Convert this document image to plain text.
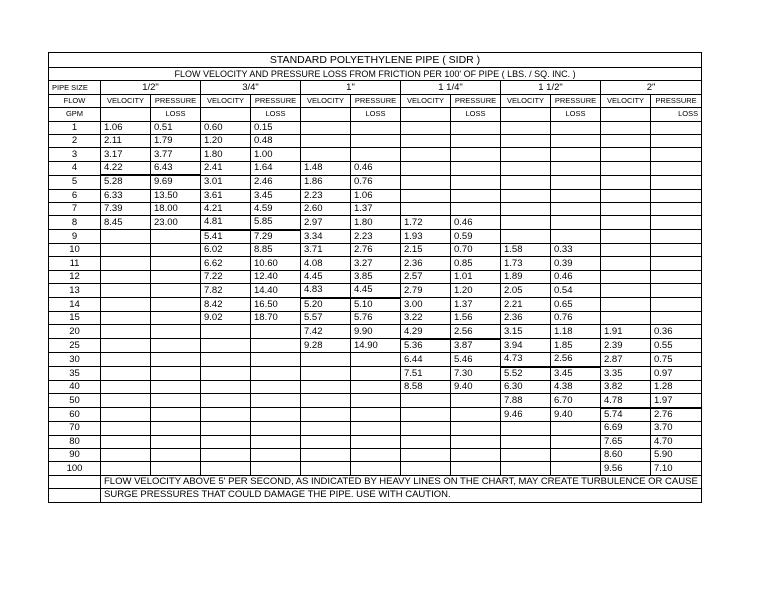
STANDARD POLYETHYLENE PIPE ( SIDR )												
FLOW VELOCITY AND PRESSURE LOSS FROM FRICTION PER 100' OF PIPE ( LBS. / SQ. INC. )												
PIPE SIZE	1/2"		3/4"		1"		1 1/4"		1 1/2"		2"	
FLOW	VELOCITY	PRESSURE	VELOCITY	PRESSURE	VELOCITY	PRESSURE	VELOCITY	PRESSURE	VELOCITY	PRESSURE	VELOCITY	PRESSURE
GPM		LOSS		LOSS		LOSS		LOSS		LOSS		LOSS
1	1.06	0.51	0.60	0.15								
2	2.11	1.79	1.20	0.48								
3	3.17	3.77	1.80	1.00								
4	4.22	6.43	2.41	1.64	1.48	0.46						
5	5.28	9.69	3.01	2.46	1.86	0.76						
6	6.33	13.50	3.61	3.45	2.23	1.06						
7	7.39	18.00	4.21	4.59	2.60	1.37						
8	8.45	23.00	4.81	5.85	2.97	1.80	1.72	0.46				
9			5.41	7.29	3.34	2.23	1.93	0.59				
10			6.02	8.85	3.71	2.76	2.15	0.70	1.58	0.33		
11			6.62	10.60	4.08	3.27	2.36	0.85	1.73	0.39		
12			7.22	12.40	4.45	3.85	2.57	1.01	1.89	0.46		
13			7.82	14.40	4.83	4.45	2.79	1.20	2.05	0.54		
14			8.42	16.50	5.20	5.10	3.00	1.37	2.21	0.65		
15			9.02	18.70	5.57	5.76	3.22	1.56	2.36	0.76		
20					7.42	9.90	4.29	2.56	3.15	1.18	1.91	0.36
25					9.28	14.90	5.36	3.87	3.94	1.85	2.39	0.55
30							6.44	5.46	4.73	2.56	2.87	0.75
35							7.51	7.30	5.52	3.45	3.35	0.97
40							8.58	9.40	6.30	4.38	3.82	1.28
50									7.88	6.70	4.78	1.97
60									9.46	9.40	5.74	2.76
70											6.69	3.70
80											7.65	4.70
90											8.60	5.90
100											9.56	7.10
	FLOW VELOCITY ABOVE 5' PER SECOND, AS INDICATED BY HEAVY LINES ON THE CHART, MAY CREATE TURBULENCE OR CAUSE											
	SURGE PRESSURES THAT COULD DAMAGE THE PIPE. USE WITH CAUTION.											
